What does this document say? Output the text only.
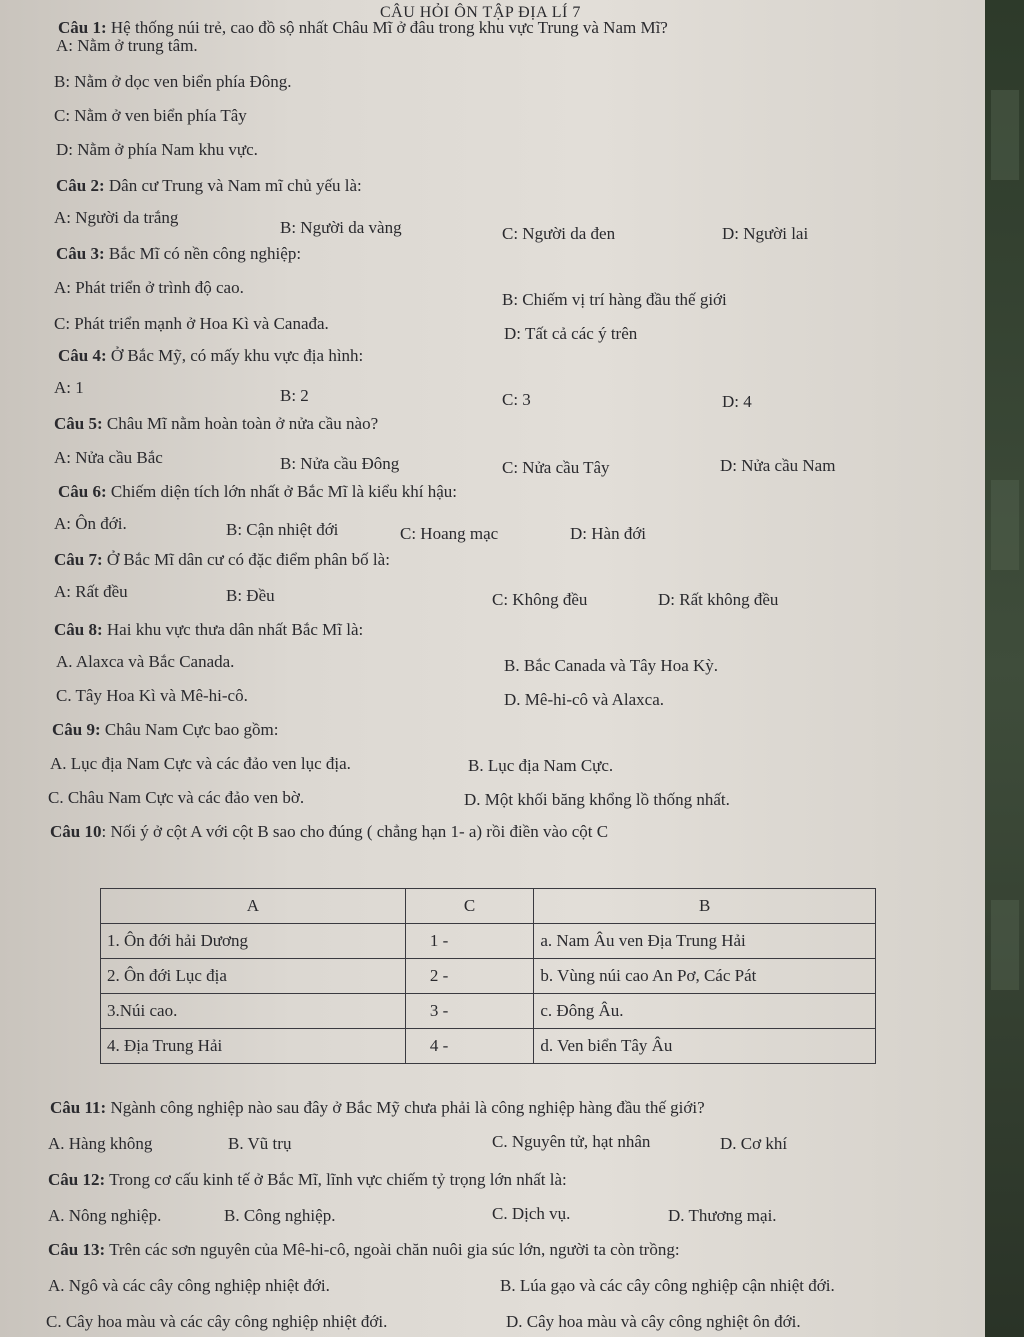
CÂU HỎI ÔN TẬP ĐỊA LÍ 7
Câu 1: Hệ thống núi trẻ, cao đồ sộ nhất Châu Mĩ ở đâu trong khu vực Trung và Nam Mĩ?
A: Nằm ở trung tâm.
B: Nằm ở dọc ven biển phía Đông.
C: Nằm ở ven biển phía Tây
D: Nằm ở phía Nam khu vực.
Câu 2: Dân cư Trung và Nam mĩ chủ yếu là:
A: Người da trắng
B: Người da vàng	C: Người da đen	D: Người lai
Câu 3: Bắc Mĩ có nền công nghiệp:
A: Phát triển ở trình độ cao.
B: Chiếm vị trí hàng đầu thế giới
C: Phát triển mạnh ở Hoa Kì và Canađa.
D: Tất cả các ý trên
Câu 4: Ở Bắc Mỹ, có mấy khu vực địa hình:
A: 1	B: 2	C: 3	D: 4
Câu 5: Châu Mĩ nằm hoàn toàn ở nửa cầu nào?
A: Nửa cầu Bắc	B: Nửa cầu Đông	C: Nửa cầu Tây	D: Nửa cầu Nam
Câu 6: Chiếm diện tích lớn nhất ở Bắc Mĩ là kiểu khí hậu:
A: Ôn đới.	B: Cận nhiệt đới	C: Hoang mạc	D: Hàn đới
Câu 7: Ở Bắc Mĩ dân cư có đặc điểm phân bố là:
A: Rất đều	B: Đều	C: Không đều	D: Rất không đều
Câu 8: Hai khu vực thưa dân nhất Bắc Mĩ là:
A. Alaxca và Bắc Canada.	B. Bắc Canada và Tây Hoa Kỳ.
C. Tây Hoa Kì và Mê-hi-cô.	D. Mê-hi-cô và Alaxca.
Câu 9: Châu Nam Cực bao gồm:
A. Lục địa Nam Cực và các đảo ven lục địa.	B. Lục địa Nam Cực.
C. Châu Nam Cực và các đảo ven bờ.	D. Một khối băng khổng lồ thống nhất.
Câu 10: Nối ý ở cột A với cột B sao cho đúng ( chẳng hạn 1- a) rồi điền vào cột C
A	C	B
1. Ôn đới hải Dương	1 -	a. Nam Âu ven Địa Trung Hải
2. Ôn đới Lục địa	2 -	b. Vùng núi cao An Pơ, Các Pát
3.Núi cao.	3 -	c. Đông Âu.
4. Địa Trung Hải	4 -	d. Ven biển Tây Âu
Câu 11: Ngành công nghiệp nào sau đây ở Bắc Mỹ chưa phải là công nghiệp hàng đầu thế giới?
A. Hàng không	B. Vũ trụ	C. Nguyên tử, hạt nhân	D. Cơ khí
Câu 12: Trong cơ cấu kinh tế ở Bắc Mĩ, lĩnh vực chiếm tỷ trọng lớn nhất là:
A. Nông nghiệp.	B. Công nghiệp.	C. Dịch vụ.	D. Thương mại.
Câu 13: Trên các sơn nguyên của Mê-hi-cô, ngoài chăn nuôi gia súc lớn, người ta còn trồng:
A. Ngô và các cây công nghiệp nhiệt đới.	B. Lúa gạo và các cây công nghiệp cận nhiệt đới.
C. Cây hoa màu và các cây công nghiệp nhiệt đới.	D. Cây hoa màu và cây công nghiệt ôn đới.
